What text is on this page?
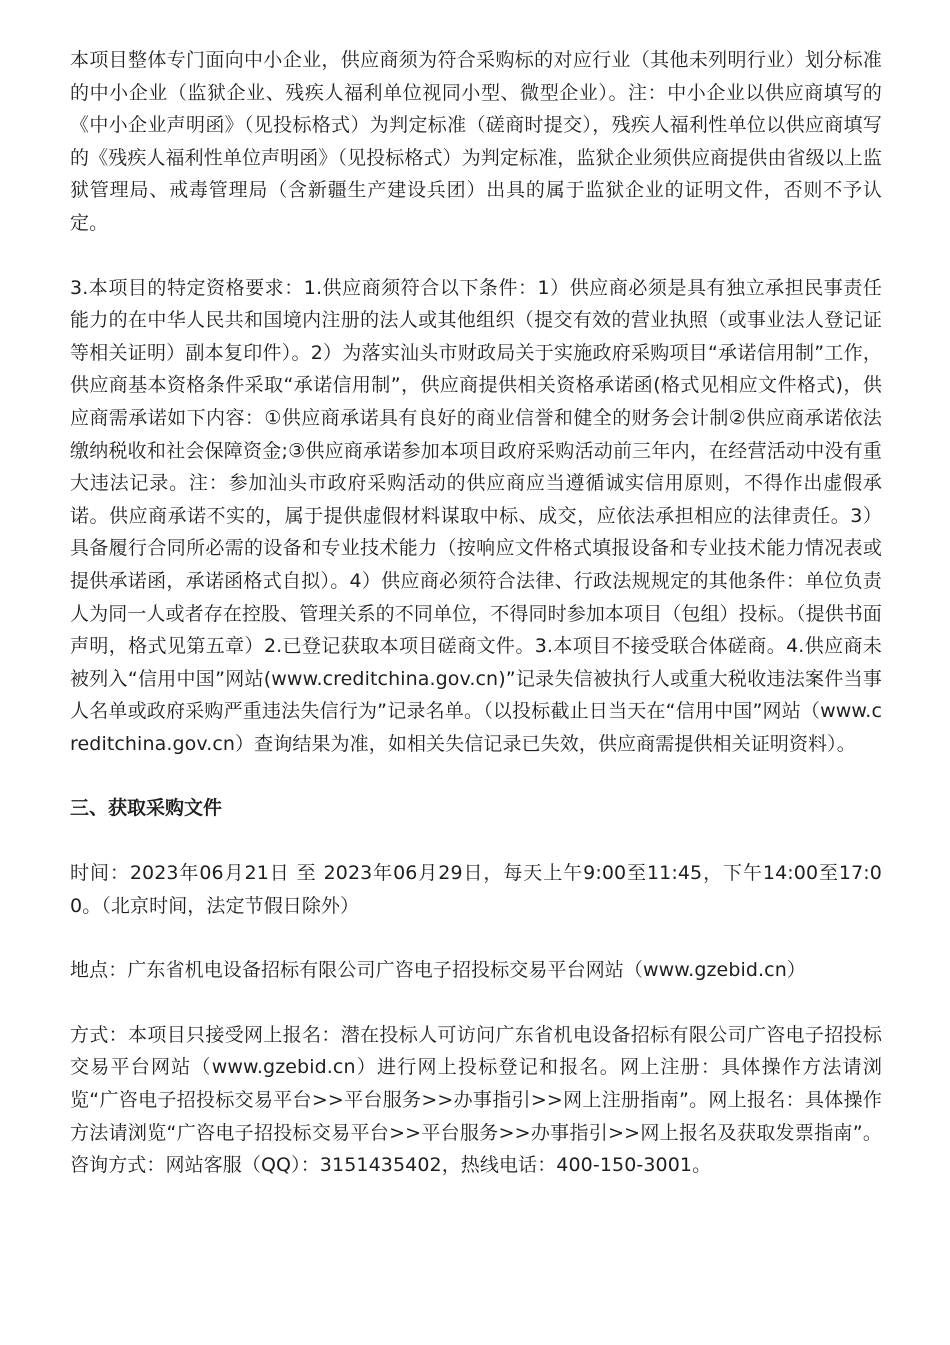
本项目整体专门面向中小企业，供应商须为符合采购标的对应行业（其他未列明行业）划分标准的中小企业（监狱企业、残疾人福利单位视同小型、微型企业）。注：中小企业以供应商填写的《中小企业声明函》（见投标格式）为判定标准（磋商时提交），残疾人福利性单位以供应商填写的《残疾人福利性单位声明函》（见投标格式）为判定标准，监狱企业须供应商提供由省级以上监狱管理局、戒毒管理局（含新疆生产建设兵团）出具的属于监狱企业的证明文件，否则不予认定。

3.本项目的特定资格要求：1.供应商须符合以下条件：1）供应商必须是具有独立承担民事责任能力的在中华人民共和国境内注册的法人或其他组织（提交有效的营业执照（或事业法人登记证等相关证明）副本复印件）。2）为落实汕头市财政局关于实施政府采购项目“承诺信用制”工作，供应商基本资格条件采取“承诺信用制”，供应商提供相关资格承诺函(格式见相应文件格式)，供应商需承诺如下内容：①供应商承诺具有良好的商业信誉和健全的财务会计制②供应商承诺依法缴纳税收和社会保障资金;③供应商承诺参加本项目政府采购活动前三年内，在经营活动中没有重大违法记录。注：参加汕头市政府采购活动的供应商应当遵循诚实信用原则，不得作出虚假承诺。供应商承诺不实的，属于提供虚假材料谋取中标、成交，应依法承担相应的法律责任。3）具备履行合同所必需的设备和专业技术能力（按响应文件格式填报设备和专业技术能力情况表或提供承诺函，承诺函格式自拟）。4）供应商必须符合法律、行政法规规定的其他条件：单位负责人为同一人或者存在控股、管理关系的不同单位，不得同时参加本项目（包组）投标。（提供书面声明，格式见第五章）2.已登记获取本项目磋商文件。3.本项目不接受联合体磋商。4.供应商未被列入“信用中国”网站(www.creditchina.gov.cn)”记录失信被执行人或重大税收违法案件当事人名单或政府采购严重违法失信行为”记录名单。（以投标截止日当天在“信用中国”网站（www.creditchina.gov.cn）查询结果为准，如相关失信记录已失效，供应商需提供相关证明资料）。

三、获取采购文件

时间：2023年06月21日 至 2023年06月29日，每天上午9:00至11:45，下午14:00至17:00。（北京时间，法定节假日除外）

地点：广东省机电设备招标有限公司广咨电子招投标交易平台网站（www.gzebid.cn）

方式：本项目只接受网上报名：潜在投标人可访问广东省机电设备招标有限公司广咨电子招投标交易平台网站（www.gzebid.cn）进行网上投标登记和报名。网上注册：具体操作方法请浏览“广咨电子招投标交易平台>>平台服务>>办事指引>>网上注册指南”。网上报名：具体操作方法请浏览“广咨电子招投标交易平台>>平台服务>>办事指引>>网上报名及获取发票指南”。咨询方式：网站客服（QQ）：3151435402，热线电话：400-150-3001。
